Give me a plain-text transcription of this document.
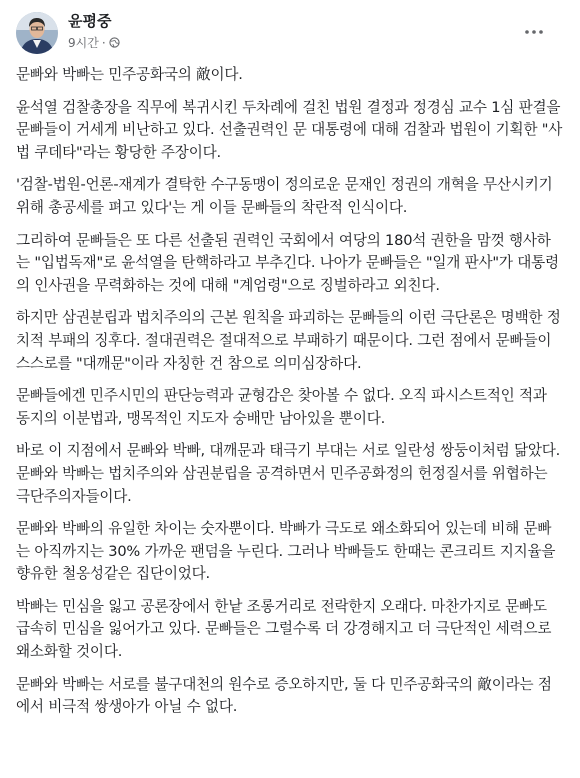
윤평중
9시간 ·

문빠와 박빠는 민주공화국의 敵이다.

윤석열 검찰총장을 직무에 복귀시킨 두차례에 걸친 법원 결정과 정경심 교수 1심 판결을 문빠들이 거세게 비난하고 있다. 선출권력인 문 대통령에 대해 검찰과 법원이 기획한 "사법 쿠데타"라는 황당한 주장이다.

'검찰-법원-언론-재계가 결탁한 수구동맹이 정의로운 문재인 정권의 개혁을 무산시키기 위해 총공세를 펴고 있다'는 게 이들 문빠들의 착란적 인식이다.

그리하여 문빠들은 또 다른 선출된 권력인 국회에서 여당의 180석 권한을 맘껏 행사하는 "입법독재"로 윤석열을 탄핵하라고 부추긴다. 나아가 문빠들은 "일개 판사"가 대통령의 인사권을 무력화하는 것에 대해 "계엄령"으로 징벌하라고 외친다.

하지만 삼권분립과 법치주의의 근본 원칙을 파괴하는 문빠들의 이런 극단론은 명백한 정치적 부패의 징후다. 절대권력은 절대적으로 부패하기 때문이다. 그런 점에서 문빠들이 스스로를 "대깨문"이라 자칭한 건 참으로 의미심장하다.

문빠들에겐 민주시민의 판단능력과 균형감은 찾아볼 수 없다. 오직 파시스트적인 적과 동지의 이분법과, 맹목적인 지도자 숭배만 남아있을 뿐이다.

바로 이 지점에서 문빠와 박빠, 대깨문과 태극기 부대는 서로 일란성 쌍둥이처럼 닮았다. 문빠와 박빠는 법치주의와 삼권분립을 공격하면서 민주공화정의 헌정질서를 위협하는 극단주의자들이다.

문빠와 박빠의 유일한 차이는 숫자뿐이다. 박빠가 극도로 왜소화되어 있는데 비해 문빠는 아직까지는 30% 가까운 팬덤을 누린다. 그러나 박빠들도 한때는 콘크리트 지지율을 향유한 철옹성같은 집단이었다.

박빠는 민심을 잃고 공론장에서 한낱 조롱거리로 전락한지 오래다. 마찬가지로 문빠도 급속히 민심을 잃어가고 있다. 문빠들은 그럴수록 더 강경해지고 더 극단적인 세력으로 왜소화할 것이다.

문빠와 박빠는 서로를 불구대천의 원수로 증오하지만, 둘 다 민주공화국의 敵이라는 점에서 비극적 쌍생아가 아닐 수 없다.
